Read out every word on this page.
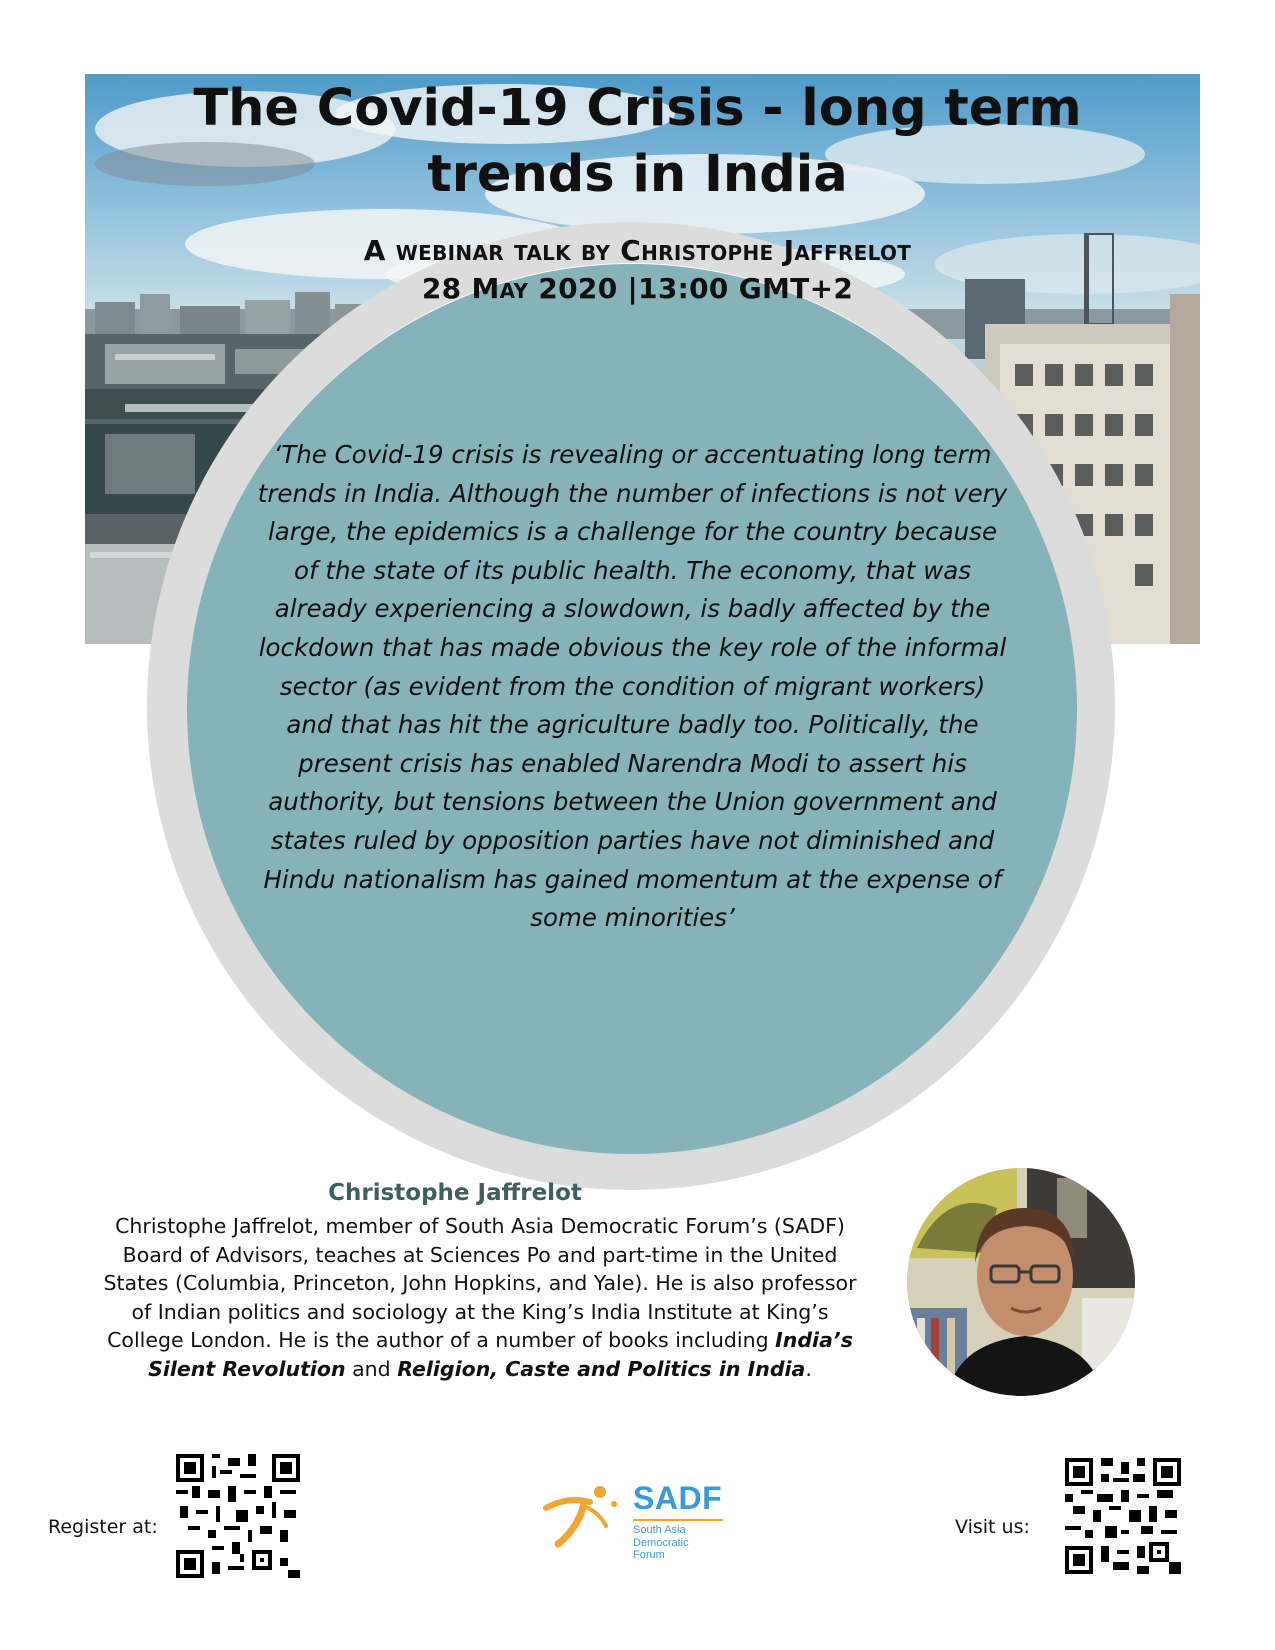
The Covid-19 Crisis - long term
trends in India
A webinar talk by Christophe Jaffrelot
28 May 2020 |13:00 GMT+2
‘The Covid-19 crisis is revealing or accentuating long term trends in India. Although the number of infections is not very large, the epidemics is a challenge for the country because of the state of its public health. The economy, that was already experiencing a slowdown, is badly affected by the lockdown that has made obvious the key role of the informal sector (as evident from the condition of migrant workers) and that has hit the agriculture badly too. Politically, the present crisis has enabled Narendra Modi to assert his authority, but tensions between the Union government and states ruled by opposition parties have not diminished and Hindu nationalism has gained momentum at the expense of some minorities’
Christophe Jaffrelot
Christophe Jaffrelot, member of South Asia Democratic Forum’s (SADF) Board of Advisors, teaches at Sciences Po and part-time in the United States (Columbia, Princeton, John Hopkins, and Yale). He is also professor of Indian politics and sociology at the King’s India Institute at King’s College London. He is the author of a number of books including India’s Silent Revolution and Religion, Caste and Politics in India.
Register at:
SADF
South Asia
Democratic
Forum
Visit us:
